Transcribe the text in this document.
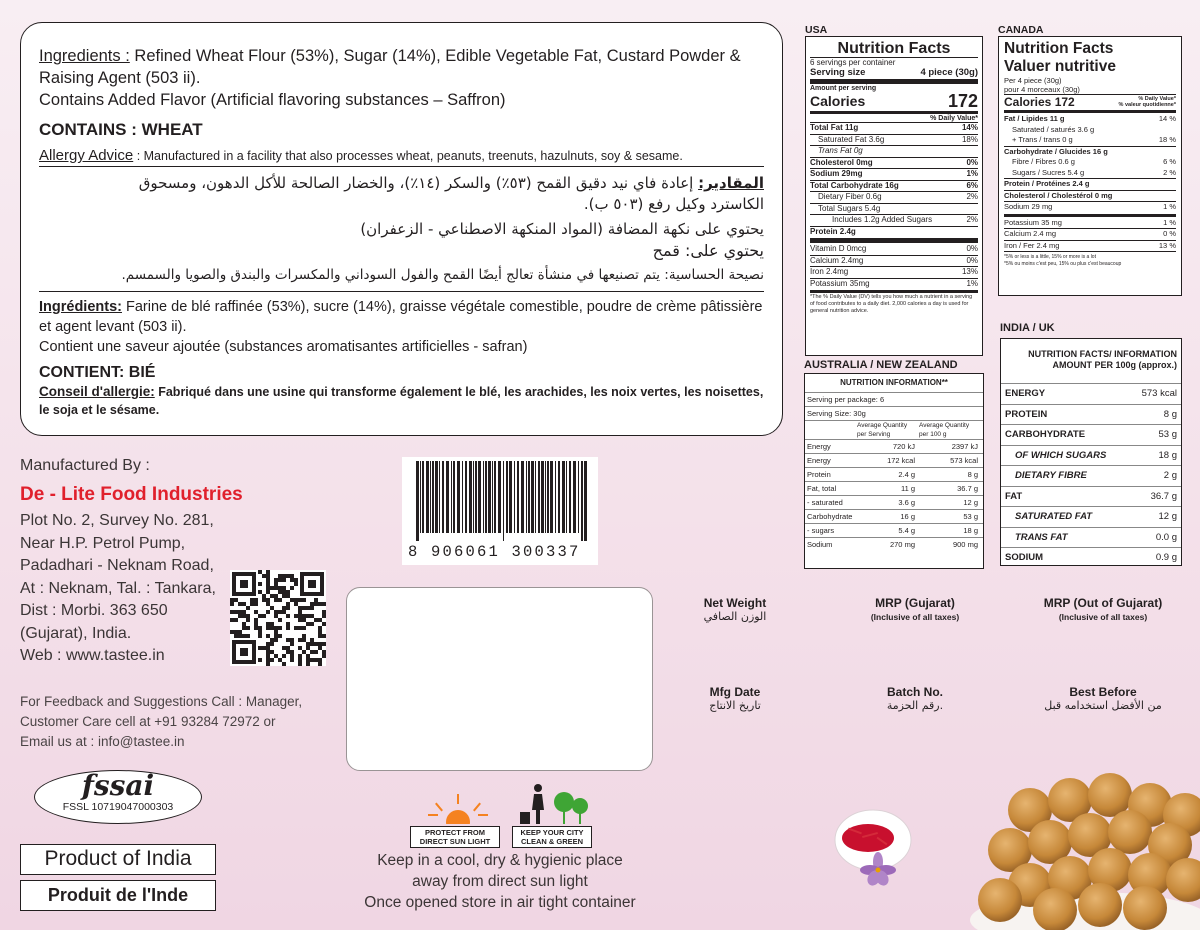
Ingredients : Refined Wheat Flour (53%), Sugar (14%), Edible Vegetable Fat, Custard Powder & Raising Agent (503 ii).
Contains Added Flavor (Artificial flavoring substances – Saffron)
CONTAINS : WHEAT
Allergy Advice : Manufactured in a facility that also processes wheat, peanuts, treenuts, hazulnuts, soy & sesame.
المقادير: إعادة فاي نيد دقيق القمح (٥٣٪) والسكر (١٤٪)، والخضار الصالحة للأكل الدهون، ومسحوق
الكاسترد وكيل رفع (٥٠٣ ب).
يحتوي على نكهة المضافة (المواد المنكهة الاصطناعي - الزعفران)
يحتوي على: قمح
نصيحة الحساسية: يتم تصنيعها في منشأة تعالج أيضًا القمح والفول السوداني والمكسرات والبندق والصويا والسمسم.
Ingrédients: Farine de blé raffinée (53%), sucre (14%), graisse végétale comestible, poudre de crème pâtissière et agent levant (503 ii).
Contient une saveur ajoutée (substances aromatisantes artificielles - safran)
CONTIENT: BIÉ
Conseil d'allergie: Fabriqué dans une usine qui transforme également le blé, les arachides, les noix vertes, les noisettes, le soja et le sésame.
Manufactured By :
De - Lite Food Industries
Plot No. 2, Survey No. 281,
Near H.P. Petrol Pump,
Padadhari - Neknam Road,
At : Neknam, Tal. : Tankara,
Dist : Morbi. 363 650
(Gujarat), India.
Web : www.tastee.in
For Feedback and Suggestions Call : Manager,
Customer Care cell at +91 93284 72972 or
Email us at : info@tastee.in
8 906061 300337
fssai
FSSL 10719047000303
Product of India
Produit de l'Inde
PROTECT FROM DIRECT SUN LIGHT
KEEP YOUR CITY CLEAN & GREEN
Keep in a cool, dry & hygienic place
away from direct sun light
Once opened store in air tight container
Net Weight
الوزن الصافي
MRP (Gujarat)
(Inclusive of all taxes)
MRP (Out of Gujarat)
(Inclusive of all taxes)
Mfg Date
تاريخ الانتاج
Batch No.
رقم الحزمة.
Best Before
من الأفضل استخدامه قبل
USA
Nutrition Facts
6 servings per container
Serving size	4 piece (30g)
Amount per serving
Calories	172
% Daily Value*
Total Fat 11g	14%
Saturated Fat 3.6g	18%
Trans Fat 0g
Cholesterol 0mg	0%
Sodium 29mg	1%
Total Carbohydrate 16g	6%
Dietary Fiber 0.6g	2%
Total Sugars 5.4g
Includes 1.2g Added Sugars	2%
Protein 2.4g
Vitamin D 0mcg	0%
Calcium 2.4mg	0%
Iron 2.4mg	13%
Potassium 35mg	1%
*The % Daily Value (DV) tells you how much a nutrient in a serving of food contributes to a daily diet. 2,000 calories a day is used for general nutrition advice.
CANADA
Nutrition Facts
Valuer nutritive
Per 4 piece (30g)
pour 4 morceaux (30g)
Calories 172	% Daily Value*
% valeur quotidienne*
Fat / Lipides 11 g	14 %
Saturated / saturés 3.6 g
+ Trans / trans 0 g	18 %
Carbohydrate / Glucides 16 g
Fibre / Fibres 0.6 g	6 %
Sugars / Sucres 5.4 g	2 %
Protein / Protéines 2.4 g
Cholesterol / Cholestérol 0 mg
Sodium 29 mg	1 %
Potassium 35 mg	1 %
Calcium 2.4 mg	0 %
Iron / Fer 2.4 mg	13 %
*5% or less is a little, 15% or more is a lot
*5% ou moins c'est peu, 15% ou plus c'est beaucoup
AUSTRALIA / NEW ZEALAND
NUTRITION INFORMATION**
Serving per package: 6
Serving Size: 30g
Average Quantity per Serving
Average Quantity per 100 g
Energy	720 kJ	2397 kJ
Energy	172 kcal	573 kcal
Protein	2.4 g	8 g
Fat, total	11 g	36.7 g
- saturated	3.6 g	12 g
Carbohydrate	16 g	53 g
- sugars	5.4 g	18 g
Sodium	270 mg	900 mg
INDIA / UK
NUTRITION FACTS/ INFORMATION
AMOUNT PER 100g (approx.)
ENERGY	573 kcal
PROTEIN	8 g
CARBOHYDRATE	53 g
OF WHICH SUGARS	18 g
DIETARY FIBRE	2 g
FAT	36.7 g
SATURATED FAT	12 g
TRANS FAT	0.0 g
SODIUM	0.9 g
